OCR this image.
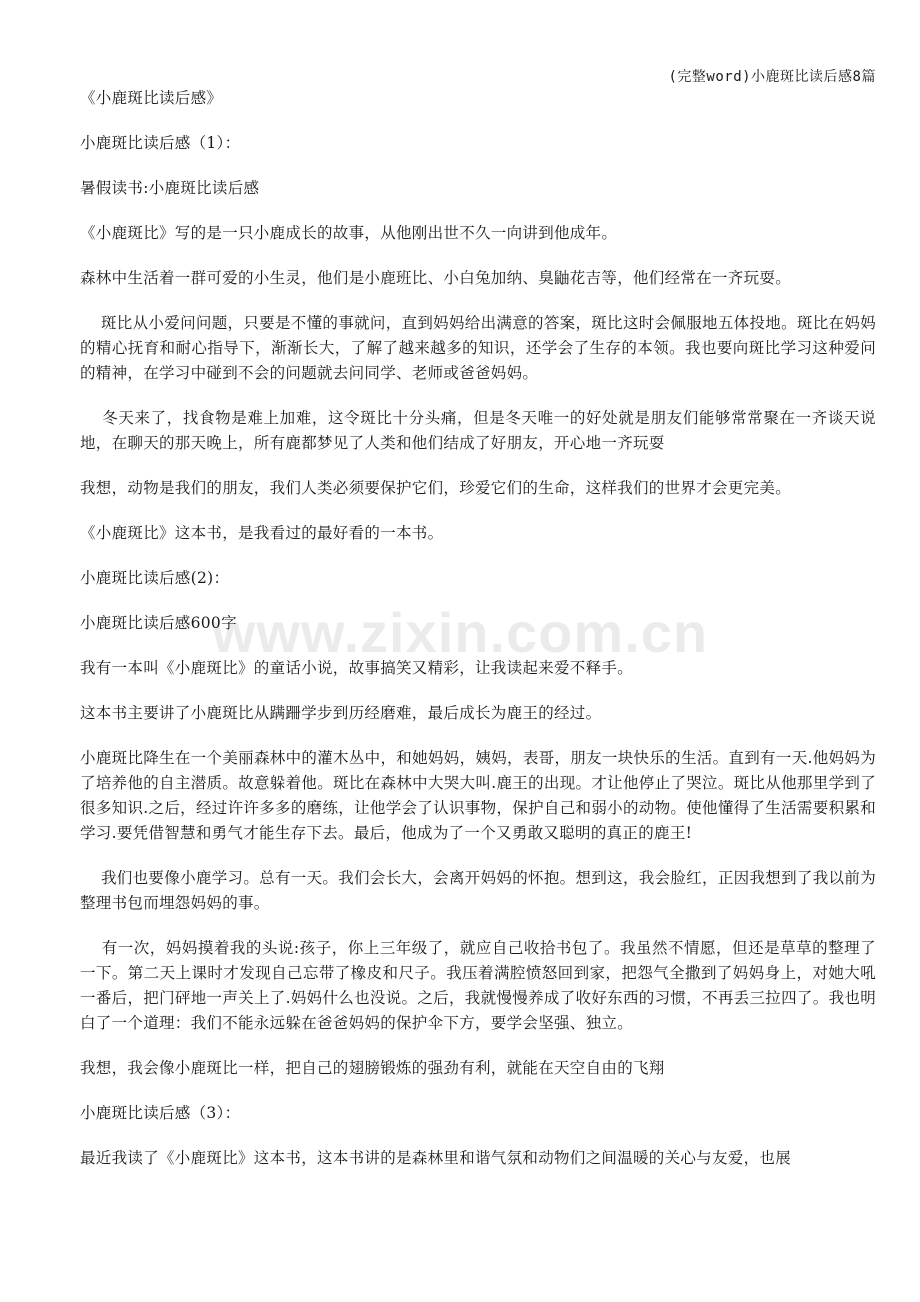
(完整word)小鹿斑比读后感8篇
www.zixin.com.cn

《小鹿斑比读后感》

小鹿斑比读后感（1）：

暑假读书:小鹿斑比读后感

《小鹿斑比》写的是一只小鹿成长的故事，从他刚出世不久一向讲到他成年。

森林中生活着一群可爱的小生灵，他们是小鹿班比、小白兔加纳、臭鼬花吉等，他们经常在一齐玩耍。

斑比从小爱问问题，只要是不懂的事就问，直到妈妈给出满意的答案，斑比这时会佩服地五体投地。斑比在妈妈的精心抚育和耐心指导下，渐渐长大，了解了越来越多的知识，还学会了生存的本领。我也要向斑比学习这种爱问的精神，在学习中碰到不会的问题就去问同学、老师或爸爸妈妈。

冬天来了，找食物是难上加难，这令斑比十分头痛，但是冬天唯一的好处就是朋友们能够常常聚在一齐谈天说地，在聊天的那天晚上，所有鹿都梦见了人类和他们结成了好朋友，开心地一齐玩耍

我想，动物是我们的朋友，我们人类必须要保护它们，珍爱它们的生命，这样我们的世界才会更完美。

《小鹿斑比》这本书，是我看过的最好看的一本书。

小鹿斑比读后感(2)：

小鹿斑比读后感600字

我有一本叫《小鹿斑比》的童话小说，故事搞笑又精彩，让我读起来爱不释手。

这本书主要讲了小鹿斑比从蹒跚学步到历经磨难，最后成长为鹿王的经过。

小鹿斑比降生在一个美丽森林中的灌木丛中，和她妈妈，姨妈，表哥，朋友一块快乐的生活。直到有一天.他妈妈为了培养他的自主潜质。故意躲着他。斑比在森林中大哭大叫.鹿王的出现。才让他停止了哭泣。斑比从他那里学到了很多知识.之后，经过许许多多的磨练，让他学会了认识事物，保护自己和弱小的动物。使他懂得了生活需要积累和学习.要凭借智慧和勇气才能生存下去。最后，他成为了一个又勇敢又聪明的真正的鹿王!

我们也要像小鹿学习。总有一天。我们会长大，会离开妈妈的怀抱。想到这，我会脸红，正因我想到了我以前为整理书包而埋怨妈妈的事。

有一次，妈妈摸着我的头说:孩子，你上三年级了，就应自己收拾书包了。我虽然不情愿，但还是草草的整理了一下。第二天上课时才发现自己忘带了橡皮和尺子。我压着满腔愤怒回到家，把怨气全撒到了妈妈身上，对她大吼一番后，把门砰地一声关上了.妈妈什么也没说。之后，我就慢慢养成了收好东西的习惯，不再丢三拉四了。我也明白了一个道理：我们不能永远躲在爸爸妈妈的保护伞下方，要学会坚强、独立。

我想，我会像小鹿斑比一样，把自己的翅膀锻炼的强劲有利，就能在天空自由的飞翔

小鹿斑比读后感（3）：

最近我读了《小鹿斑比》这本书，这本书讲的是森林里和谐气氛和动物们之间温暖的关心与友爱，也展
